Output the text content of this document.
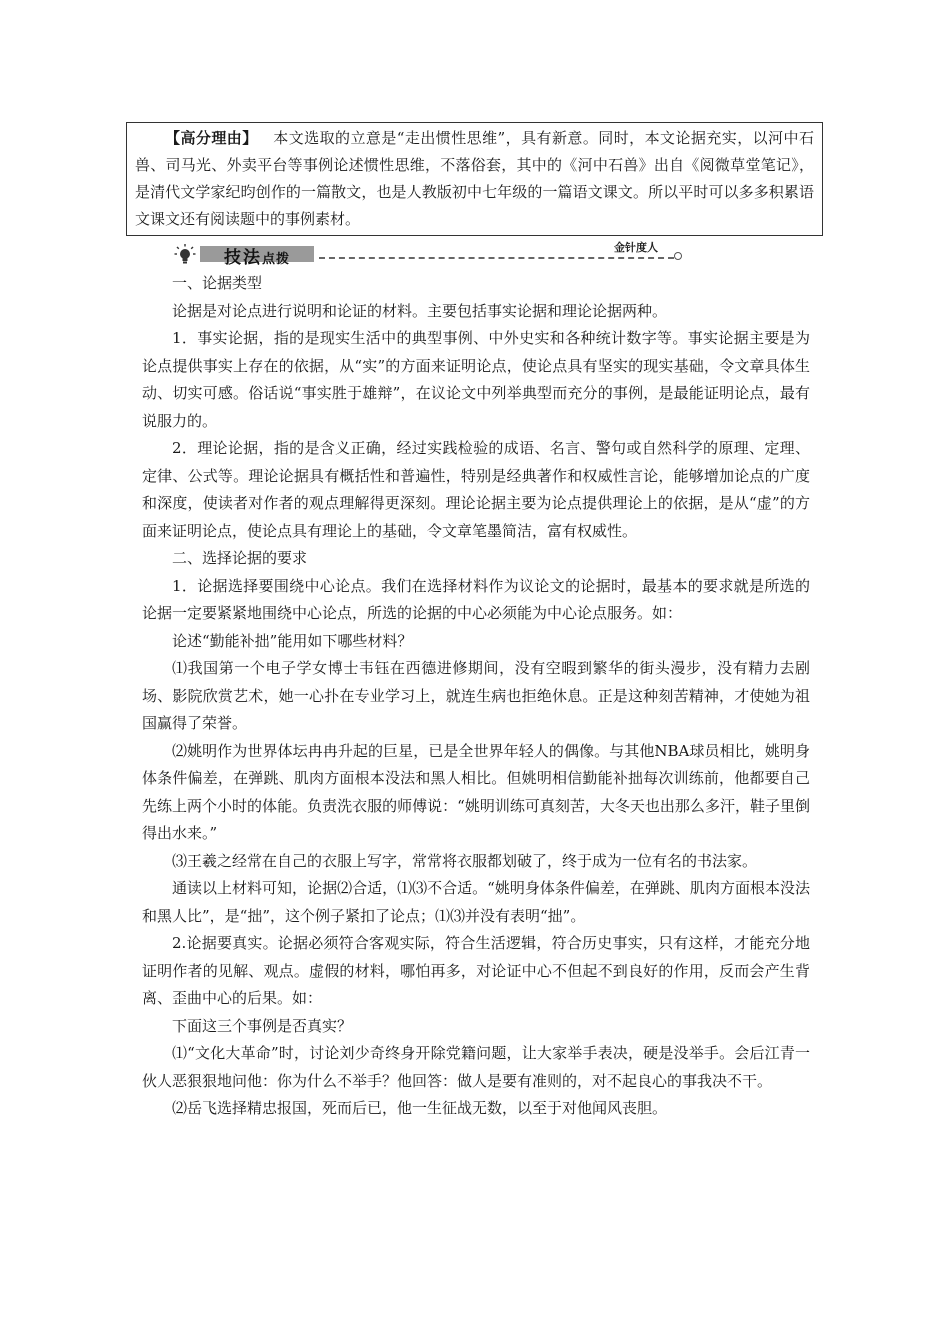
【高分理由】 本文选取的立意是“走出惯性思维”，具有新意。同时，本文论据充实，以河中石兽、司马光、外卖平台等事例论述惯性思维，不落俗套，其中的《河中石兽》出自《阅微草堂笔记》，是清代文学家纪昀创作的一篇散文，也是人教版初中七年级的一篇语文课文。所以平时可以多多积累语文课文还有阅读题中的事例素材。
技法点拨
金针度人

一、论据类型

论据是对论点进行说明和论证的材料。主要包括事实论据和理论论据两种。

1．事实论据，指的是现实生活中的典型事例、中外史实和各种统计数字等。事实论据主要是为论点提供事实上存在的依据，从“实”的方面来证明论点，使论点具有坚实的现实基础，令文章具体生动、切实可感。俗话说“事实胜于雄辩”，在议论文中列举典型而充分的事例，是最能证明论点，最有说服力的。

2．理论论据，指的是含义正确，经过实践检验的成语、名言、警句或自然科学的原理、定理、定律、公式等。理论论据具有概括性和普遍性，特别是经典著作和权威性言论，能够增加论点的广度和深度，使读者对作者的观点理解得更深刻。理论论据主要为论点提供理论上的依据，是从“虚”的方面来证明论点，使论点具有理论上的基础，令文章笔墨简洁，富有权威性。

二、选择论据的要求

1．论据选择要围绕中心论点。我们在选择材料作为议论文的论据时，最基本的要求就是所选的论据一定要紧紧地围绕中心论点，所选的论据的中心必须能为中心论点服务。如：

论述“勤能补拙”能用如下哪些材料？

⑴我国第一个电子学女博士韦钰在西德进修期间，没有空暇到繁华的街头漫步，没有精力去剧场、影院欣赏艺术，她一心扑在专业学习上，就连生病也拒绝休息。正是这种刻苦精神，才使她为祖国赢得了荣誉。

⑵姚明作为世界体坛冉冉升起的巨星，已是全世界年轻人的偶像。与其他NBA球员相比，姚明身体条件偏差，在弹跳、肌肉方面根本没法和黑人相比。但姚明相信勤能补拙每次训练前，他都要自己先练上两个小时的体能。负责洗衣服的师傅说：“姚明训练可真刻苦，大冬天也出那么多汗，鞋子里倒得出水来。”

⑶王羲之经常在自己的衣服上写字，常常将衣服都划破了，终于成为一位有名的书法家。

通读以上材料可知，论据⑵合适，⑴⑶不合适。“姚明身体条件偏差，在弹跳、肌肉方面根本没法和黑人比”，是“拙”，这个例子紧扣了论点；⑴⑶并没有表明“拙”。

2.论据要真实。论据必须符合客观实际，符合生活逻辑，符合历史事实，只有这样，才能充分地证明作者的见解、观点。虚假的材料，哪怕再多，对论证中心不但起不到良好的作用，反而会产生背离、歪曲中心的后果。如：

下面这三个事例是否真实？

⑴“文化大革命”时，讨论刘少奇终身开除党籍问题，让大家举手表决，硬是没举手。会后江青一伙人恶狠狠地问他：你为什么不举手？他回答：做人是要有准则的，对不起良心的事我决不干。

⑵岳飞选择精忠报国，死而后已，他一生征战无数，以至于对他闻风丧胆。
